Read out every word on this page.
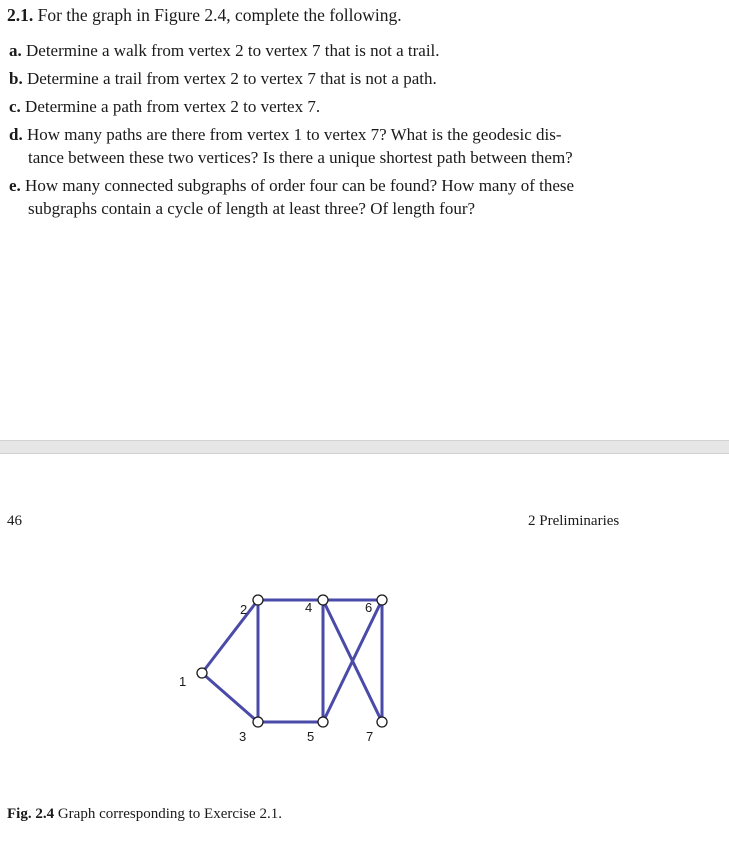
2.1. For the graph in Figure 2.4, complete the following.
a. Determine a walk from vertex 2 to vertex 7 that is not a trail.
b. Determine a trail from vertex 2 to vertex 7 that is not a path.
c. Determine a path from vertex 2 to vertex 7.
d. How many paths are there from vertex 1 to vertex 7? What is the geodesic dis-
tance between these two vertices? Is there a unique shortest path between them?
e. How many connected subgraphs of order four can be found? How many of these
subgraphs contain a cycle of length at least three? Of length four?
46	2 Preliminaries
1
2
3
4
5
6
7
Fig. 2.4 Graph corresponding to Exercise 2.1.
